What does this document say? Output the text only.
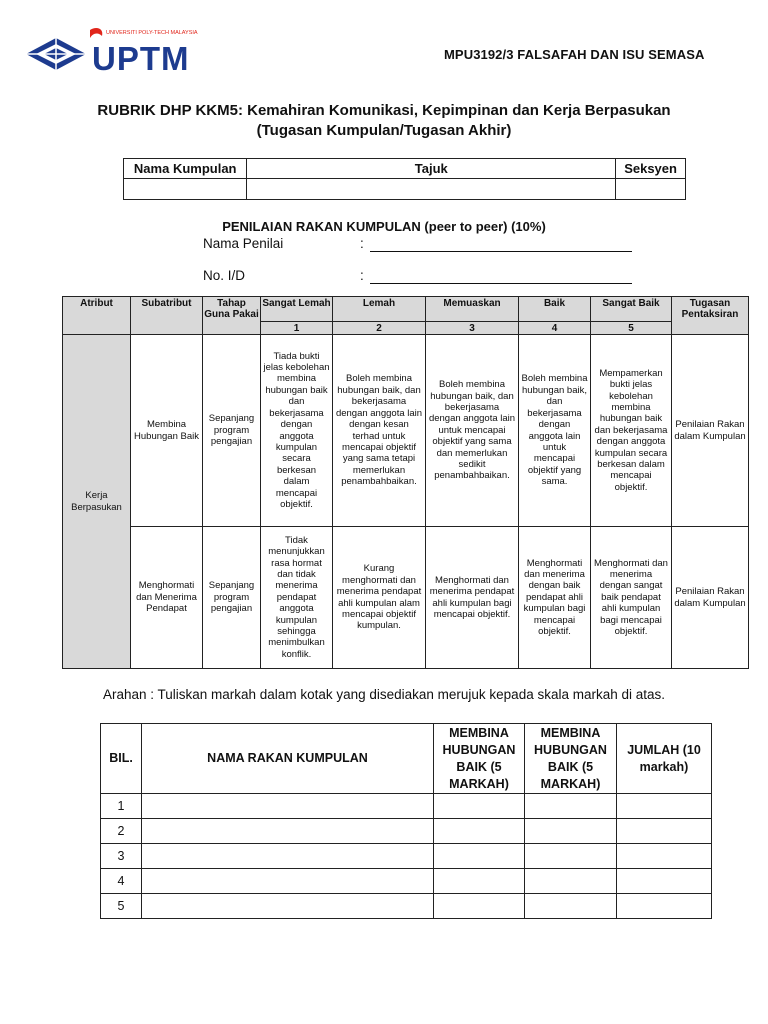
UNIVERSITI POLY-TECH MALAYSIA
UPTM	MPU3192/3 FALSAFAH DAN ISU SEMASA
RUBRIK DHP KKM5: Kemahiran Komunikasi, Kepimpinan dan Kerja Berpasukan
(Tugasan Kumpulan/Tugasan Akhir)
Nama Kumpulan	Tajuk	Seksyen

PENILAIAN RAKAN KUMPULAN (peer to peer) (10%)
Nama Penilai	:
No. I/D	:
Atribut	Subatribut	Tahap Guna Pakai	Sangat Lemah	Lemah	Memuaskan	Baik	Sangat Baik	Tugasan Pentaksiran
			1	2	3	4	5	
Kerja Berpasukan	Membina Hubungan Baik	Sepanjang program pengajian	Tiada bukti jelas kebolehan membina hubungan baik dan bekerjasama dengan anggota kumpulan secara berkesan dalam mencapai objektif.	Boleh membina hubungan baik, dan bekerjasama dengan anggota lain dengan kesan terhad untuk mencapai objektif yang sama tetapi memerlukan penambahbaikan.	Boleh membina hubungan baik, dan bekerjasama dengan anggota lain untuk mencapai objektif yang sama dan memerlukan sedikit penambahbaikan.	Boleh membina hubungan baik, dan bekerjasama dengan anggota lain untuk mencapai objektif yang sama.	Mempamerkan bukti jelas kebolehan membina hubungan baik dan bekerjasama dengan anggota kumpulan secara berkesan dalam mencapai objektif.	Penilaian Rakan dalam Kumpulan
	Menghormati dan Menerima Pendapat	Sepanjang program pengajian	Tidak menunjukkan rasa hormat dan tidak menerima pendapat anggota kumpulan sehingga menimbulkan konflik.	Kurang menghormati dan menerima pendapat ahli kumpulan alam mencapai objektif kumpulan.	Menghormati dan menerima pendapat ahli kumpulan bagi mencapai objektif.	Menghormati dan menerima dengan baik pendapat ahli kumpulan bagi mencapai objektif.	Menghormati dan menerima dengan sangat baik pendapat ahli kumpulan bagi mencapai objektif.	Penilaian Rakan dalam Kumpulan
Arahan : Tuliskan markah dalam kotak yang disediakan merujuk kepada skala markah di atas.
BIL.	NAMA RAKAN KUMPULAN	MEMBINA HUBUNGAN BAIK (5 MARKAH)	MEMBINA HUBUNGAN BAIK (5 MARKAH)	JUMLAH (10 markah)
1				
2				
3				
4				
5				
